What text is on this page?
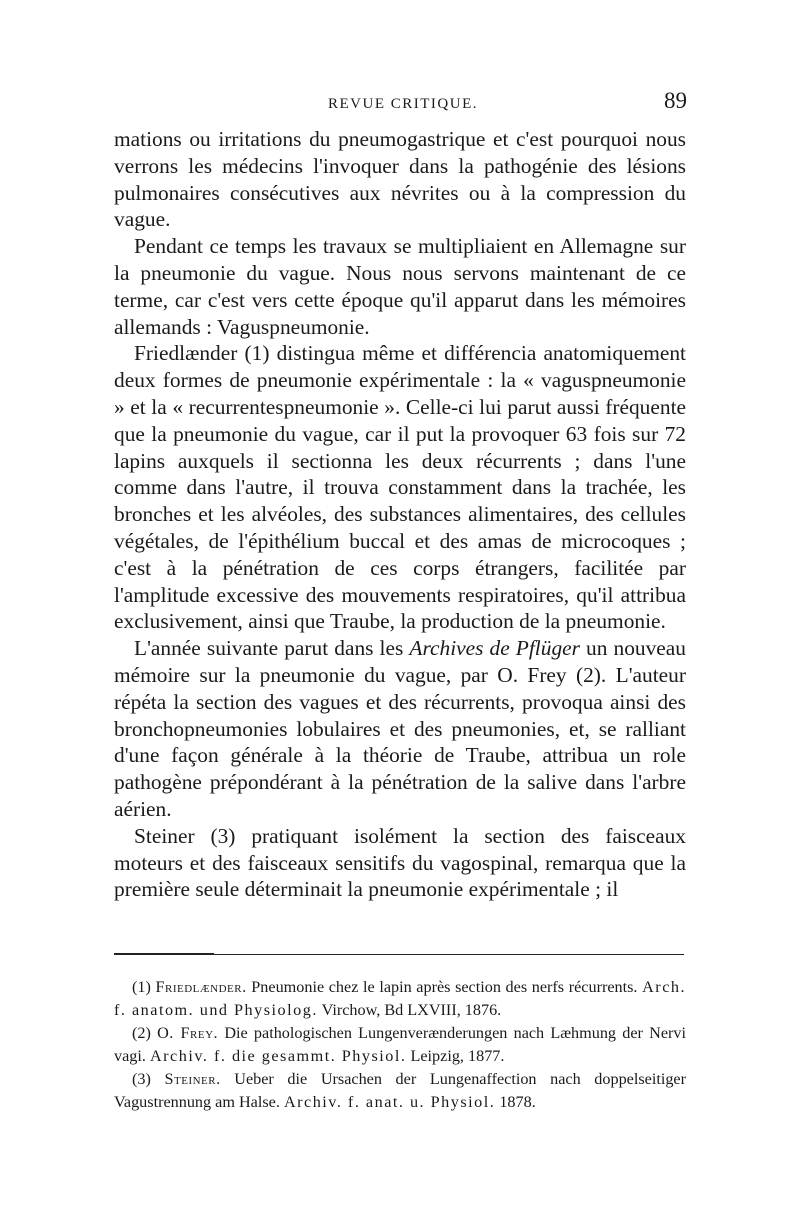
REVUE CRITIQUE.	89

mations ou irritations du pneumogastrique et c'est pourquoi nous verrons les médecins l'invoquer dans la pathogénie des lésions pulmonaires consécutives aux névrites ou à la compression du vague.

Pendant ce temps les travaux se multipliaient en Allemagne sur la pneumonie du vague. Nous nous servons maintenant de ce terme, car c'est vers cette époque qu'il apparut dans les mémoires allemands : Vaguspneumonie.

Friedlænder (1) distingua même et différencia anatomiquement deux formes de pneumonie expérimentale : la « vaguspneumonie » et la « recurrentespneumonie ». Celle-ci lui parut aussi fréquente que la pneumonie du vague, car il put la provoquer 63 fois sur 72 lapins auxquels il sectionna les deux récurrents ; dans l'une comme dans l'autre, il trouva constamment dans la trachée, les bronches et les alvéoles, des substances alimentaires, des cellules végétales, de l'épithélium buccal et des amas de microcoques ; c'est à la pénétration de ces corps étrangers, facilitée par l'amplitude excessive des mouvements respiratoires, qu'il attribua exclusivement, ainsi que Traube, la production de la pneumonie.

L'année suivante parut dans les Archives de Pflüger un nouveau mémoire sur la pneumonie du vague, par O. Frey (2). L'auteur répéta la section des vagues et des récurrents, provoqua ainsi des bronchopneumonies lobulaires et des pneumonies, et, se ralliant d'une façon générale à la théorie de Traube, attribua un role pathogène prépondérant à la pénétration de la salive dans l'arbre aérien.

Steiner (3) pratiquant isolément la section des faisceaux moteurs et des faisceaux sensitifs du vagospinal, remarqua que la première seule déterminait la pneumonie expérimentale ; il

(1) Friedlænder. Pneumonie chez le lapin après section des nerfs récurrents. Arch. f. anatom. und Physiolog. Virchow, Bd LXVIII, 1876.

(2) O. Frey. Die pathologischen Lungenverænderungen nach Læhmung der Nervi vagi. Archiv. f. die gesammt. Physiol. Leipzig, 1877.

(3) Steiner. Ueber die Ursachen der Lungenaffection nach doppelseitiger Vagustrennung am Halse. Archiv. f. anat. u. Physiol. 1878.
